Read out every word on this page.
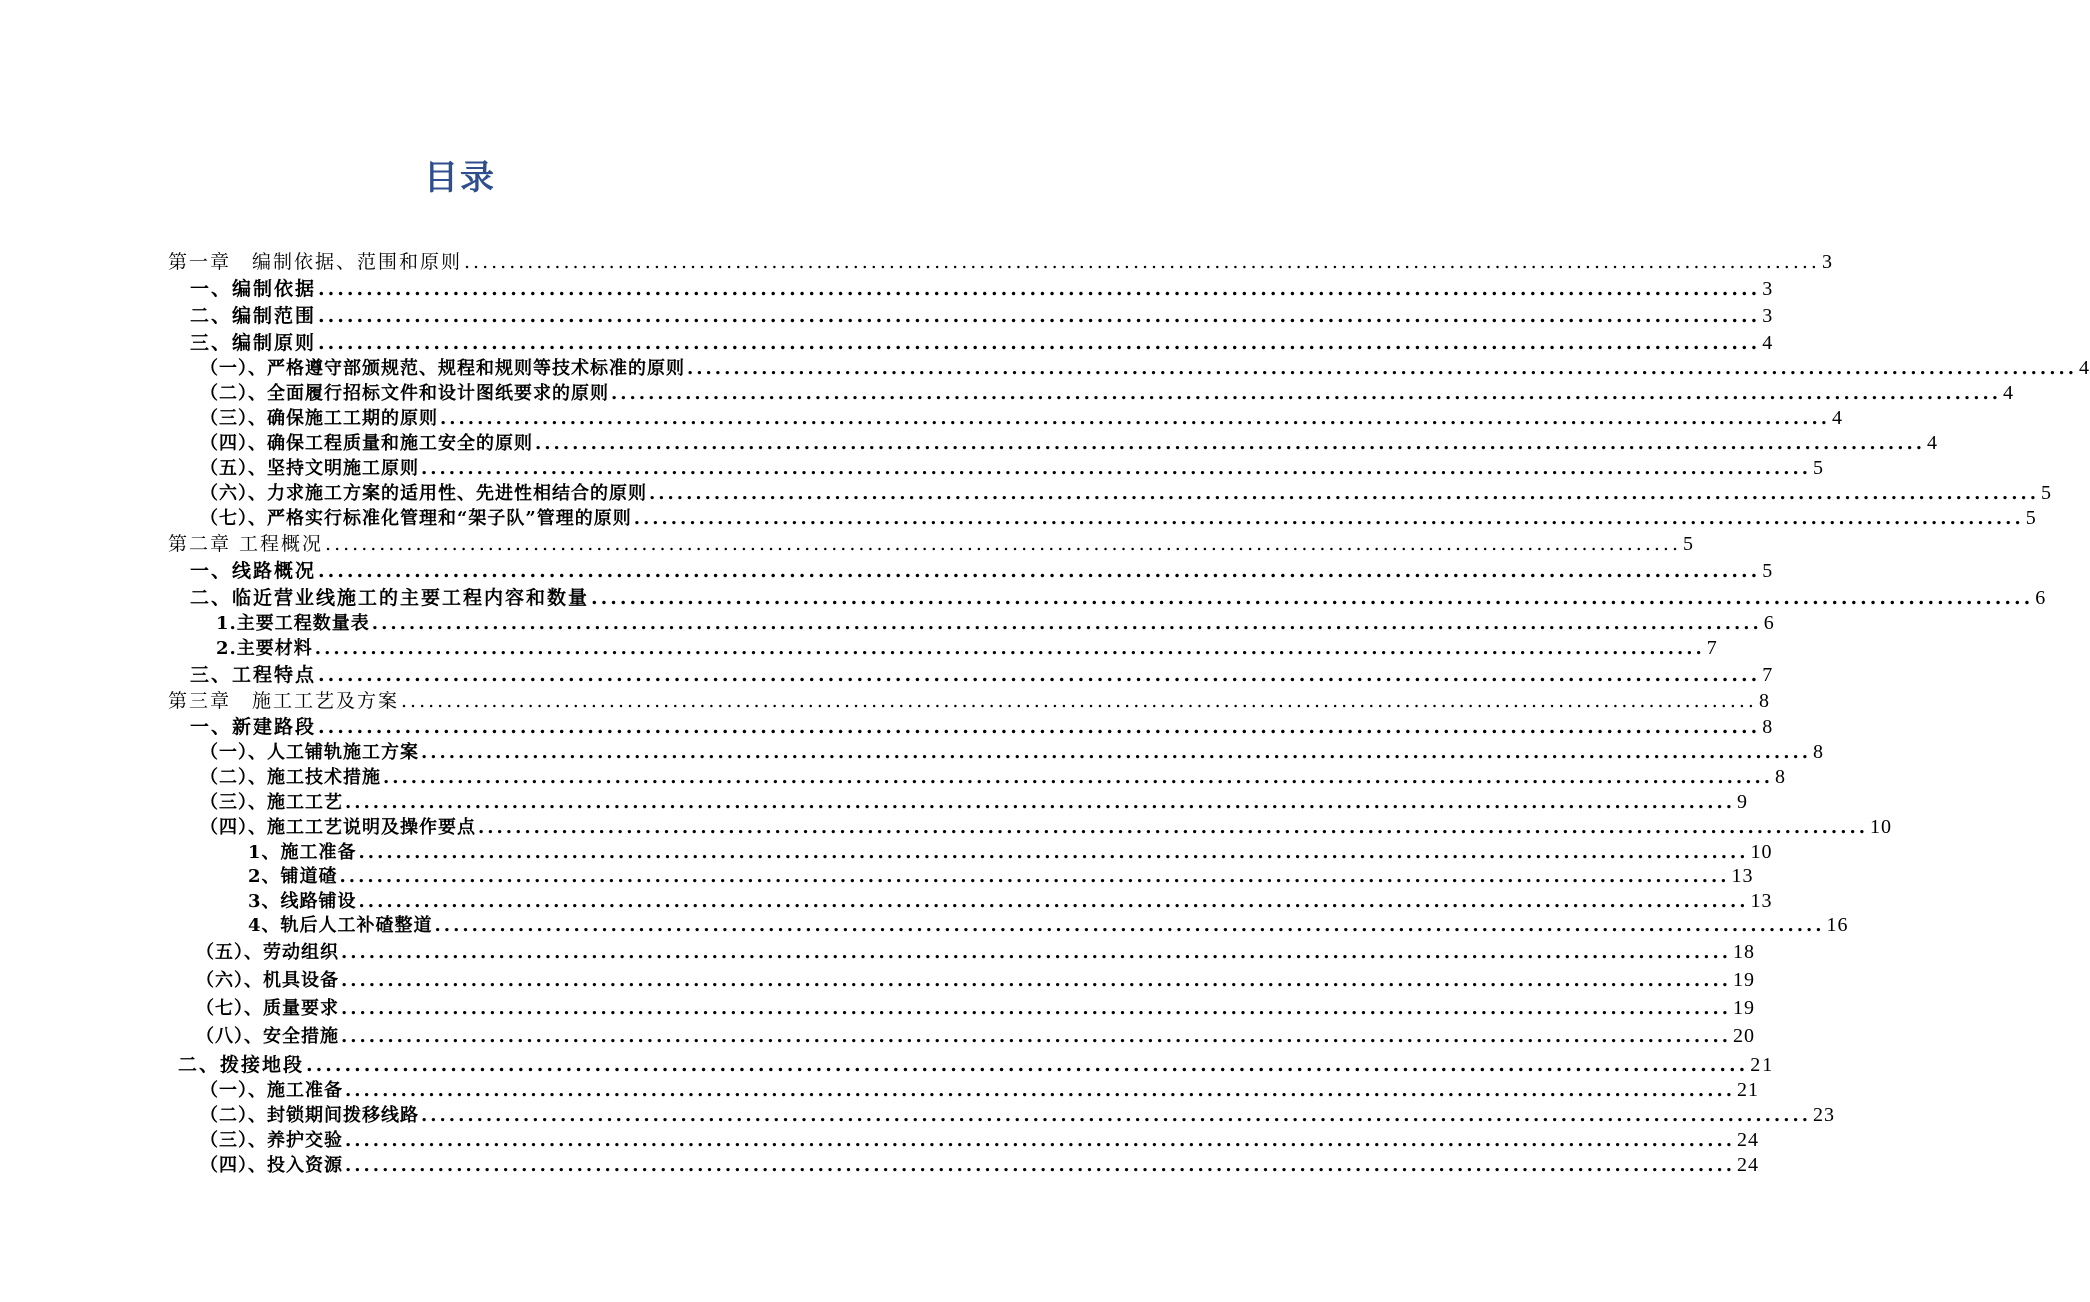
目录
第一章　编制依据、范围和原则 ...................................................................................................................................................... 3
一、编制依据 ...................................................................................................................................................... 3
二、编制范围 ...................................................................................................................................................... 3
三、编制原则 ...................................................................................................................................................... 4
（一）、严格遵守部颁规范、规程和规则等技术标准的原则 ...................................................................................................................................................... 4
（二）、全面履行招标文件和设计图纸要求的原则 ...................................................................................................................................................... 4
（三）、确保施工工期的原则 ...................................................................................................................................................... 4
（四）、确保工程质量和施工安全的原则 ...................................................................................................................................................... 4
（五）、坚持文明施工原则 ...................................................................................................................................................... 5
（六）、力求施工方案的适用性、先进性相结合的原则 ...................................................................................................................................................... 5
（七）、严格实行标准化管理和“架子队”管理的原则 ...................................................................................................................................................... 5
第二章 工程概况 ...................................................................................................................................................... 5
一、线路概况 ...................................................................................................................................................... 5
二、临近营业线施工的主要工程内容和数量 ...................................................................................................................................................... 6
1.主要工程数量表 ...................................................................................................................................................... 6
2.主要材料 ...................................................................................................................................................... 7
三、工程特点 ...................................................................................................................................................... 7
第三章　施工工艺及方案 ...................................................................................................................................................... 8
一、新建路段 ...................................................................................................................................................... 8
（一）、人工铺轨施工方案 ...................................................................................................................................................... 8
（二）、施工技术措施 ...................................................................................................................................................... 8
（三）、施工工艺 ...................................................................................................................................................... 9
（四）、施工工艺说明及操作要点 ...................................................................................................................................................... 10
1、施工准备 ...................................................................................................................................................... 10
2、铺道碴 ...................................................................................................................................................... 13
3、线路铺设 ...................................................................................................................................................... 13
4、轨后人工补碴整道 ...................................................................................................................................................... 16
（五）、劳动组织 ...................................................................................................................................................... 18
（六）、机具设备 ...................................................................................................................................................... 19
（七）、质量要求 ...................................................................................................................................................... 19
（八）、安全措施 ...................................................................................................................................................... 20
二、拨接地段 ...................................................................................................................................................... 21
（一）、施工准备 ...................................................................................................................................................... 21
（二）、封锁期间拨移线路 ...................................................................................................................................................... 23
（三）、养护交验 ...................................................................................................................................................... 24
（四）、投入资源 ...................................................................................................................................................... 24
